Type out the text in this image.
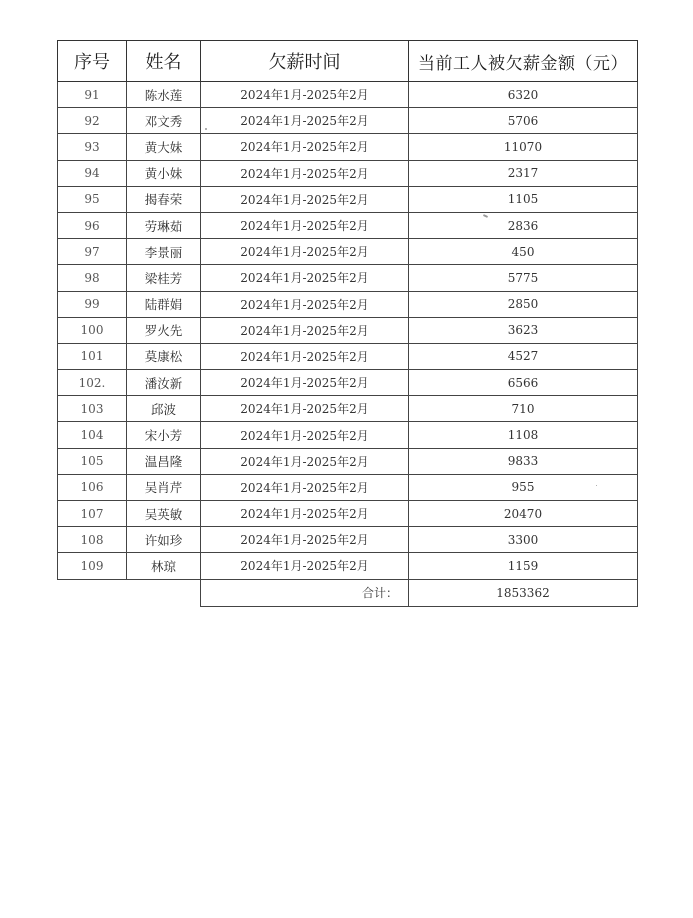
序号	姓名	欠薪时间	当前工人被欠薪金额（元）
91	陈水莲	2024年1月-2025年2月	6320
92	邓文秀	2024年1月-2025年2月	5706
93	黄大妹	2024年1月-2025年2月	11070
94	黄小妹	2024年1月-2025年2月	2317
95	揭春荣	2024年1月-2025年2月	1105
96	劳琳茹	2024年1月-2025年2月	2836
97	李景丽	2024年1月-2025年2月	450
98	梁桂芳	2024年1月-2025年2月	5775
99	陆群娟	2024年1月-2025年2月	2850
100	罗火先	2024年1月-2025年2月	3623
101	莫康松	2024年1月-2025年2月	4527
102.	潘汝新	2024年1月-2025年2月	6566
103	邱波	2024年1月-2025年2月	710
104	宋小芳	2024年1月-2025年2月	1108
105	温昌隆	2024年1月-2025年2月	9833
106	吴肖芹	2024年1月-2025年2月	955
107	吴英敏	2024年1月-2025年2月	20470
108	许如珍	2024年1月-2025年2月	3300
109	林琼	2024年1月-2025年2月	1159
		合计：	1853362
